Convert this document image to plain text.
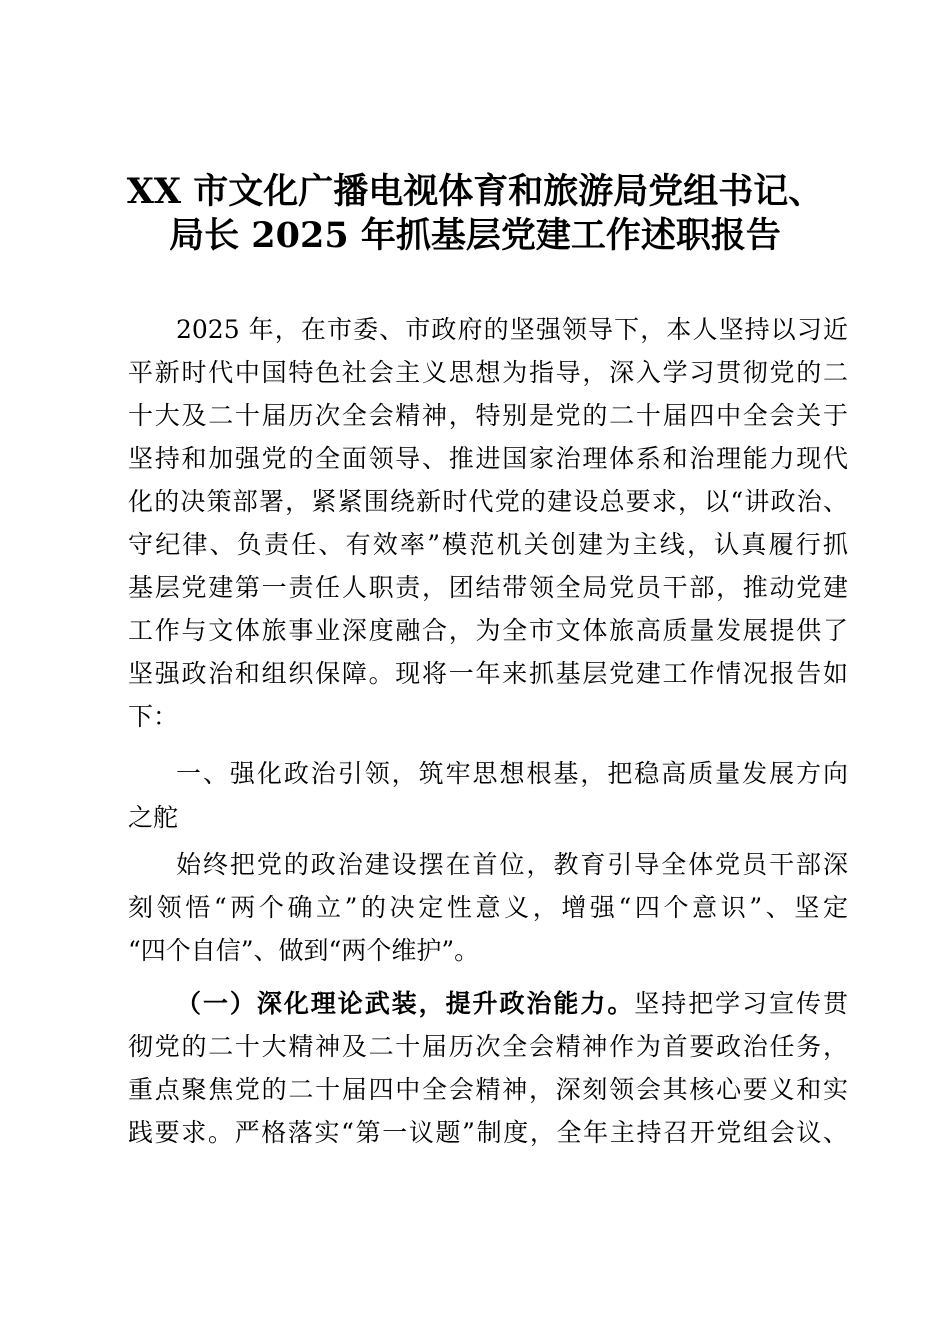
XX 市文化广播电视体育和旅游局党组书记、
局长 2025 年抓基层党建工作述职报告
2025 年，在市委、市政府的坚强领导下，本人坚持以习近
平新时代中国特色社会主义思想为指导，深入学习贯彻党的二
十大及二十届历次全会精神，特别是党的二十届四中全会关于
坚持和加强党的全面领导、推进国家治理体系和治理能力现代
化的决策部署，紧紧围绕新时代党的建设总要求，以“讲政治、
守纪律、负责任、有效率”模范机关创建为主线，认真履行抓
基层党建第一责任人职责，团结带领全局党员干部，推动党建
工作与文体旅事业深度融合，为全市文体旅高质量发展提供了
坚强政治和组织保障。现将一年来抓基层党建工作情况报告如
下：
一、强化政治引领，筑牢思想根基，把稳高质量发展方向
之舵
始终把党的政治建设摆在首位，教育引导全体党员干部深
刻领悟“两个确立”的决定性意义，增强“四个意识”、坚定
“四个自信”、做到“两个维护”。
（一）深化理论武装，提升政治能力。坚持把学习宣传贯
彻党的二十大精神及二十届历次全会精神作为首要政治任务，
重点聚焦党的二十届四中全会精神，深刻领会其核心要义和实
践要求。严格落实“第一议题”制度，全年主持召开党组会议、
